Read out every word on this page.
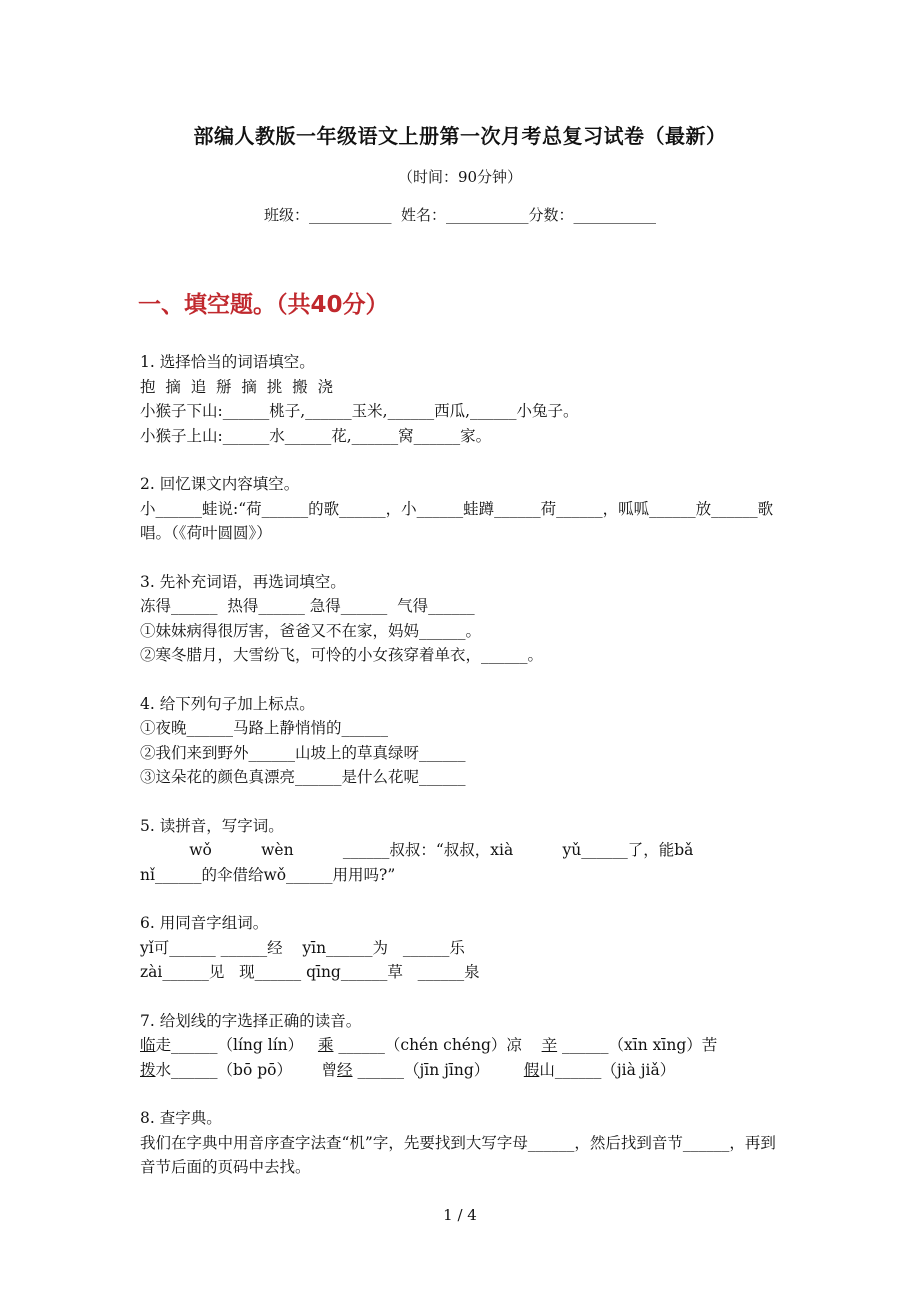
部编人教版一年级语文上册第一次月考总复习试卷（最新）
（时间：90分钟）
班级：___________  姓名：___________分数：___________
一、填空题。（共40分）
1. 选择恰当的词语填空。
抱  摘  追  掰  摘  挑  搬  浇
小猴子下山:______桃子,______玉米,______西瓜,______小兔子。
小猴子上山:______水______花,______窝______家。
2. 回忆课文内容填空。
小______蛙说:“荷______的歌______，小______蛙蹲______荷______，呱呱______放______歌唱。（《荷叶圆圆》）
3. 先补充词语，再选词填空。
冻得______  热得______ 急得______  气得______
①妹妹病得很厉害，爸爸又不在家，妈妈______。
②寒冬腊月，大雪纷飞，可怜的小女孩穿着单衣，______。
4. 给下列句子加上标点。
①夜晚______马路上静悄悄的______
②我们来到野外______山坡上的草真绿呀______
③这朵花的颜色真漂亮______是什么花呢______
5. 读拼音，写字词。
wǒ          wèn          ______叔叔：“叔叔，xià          yǔ______了，能bǎ
nǐ______的伞借给wǒ______用用吗?”
6. 用同音字组词。
yǐ可______ ______经    yīn______为   ______乐
zài______见   现______ qīng______草   ______泉
7. 给划线的字选择正确的读音。
临走______（líng lín）   乘 ______（chén chéng）凉    辛 ______（xīn xīng）苦
拨水______（bō pō）      曾经 ______（jīn jīng）       假山______（jià jiǎ）
8. 查字典。
我们在字典中用音序查字法查“机”字，先要找到大写字母______，然后找到音节______，再到音节后面的页码中去找。
1 / 4
